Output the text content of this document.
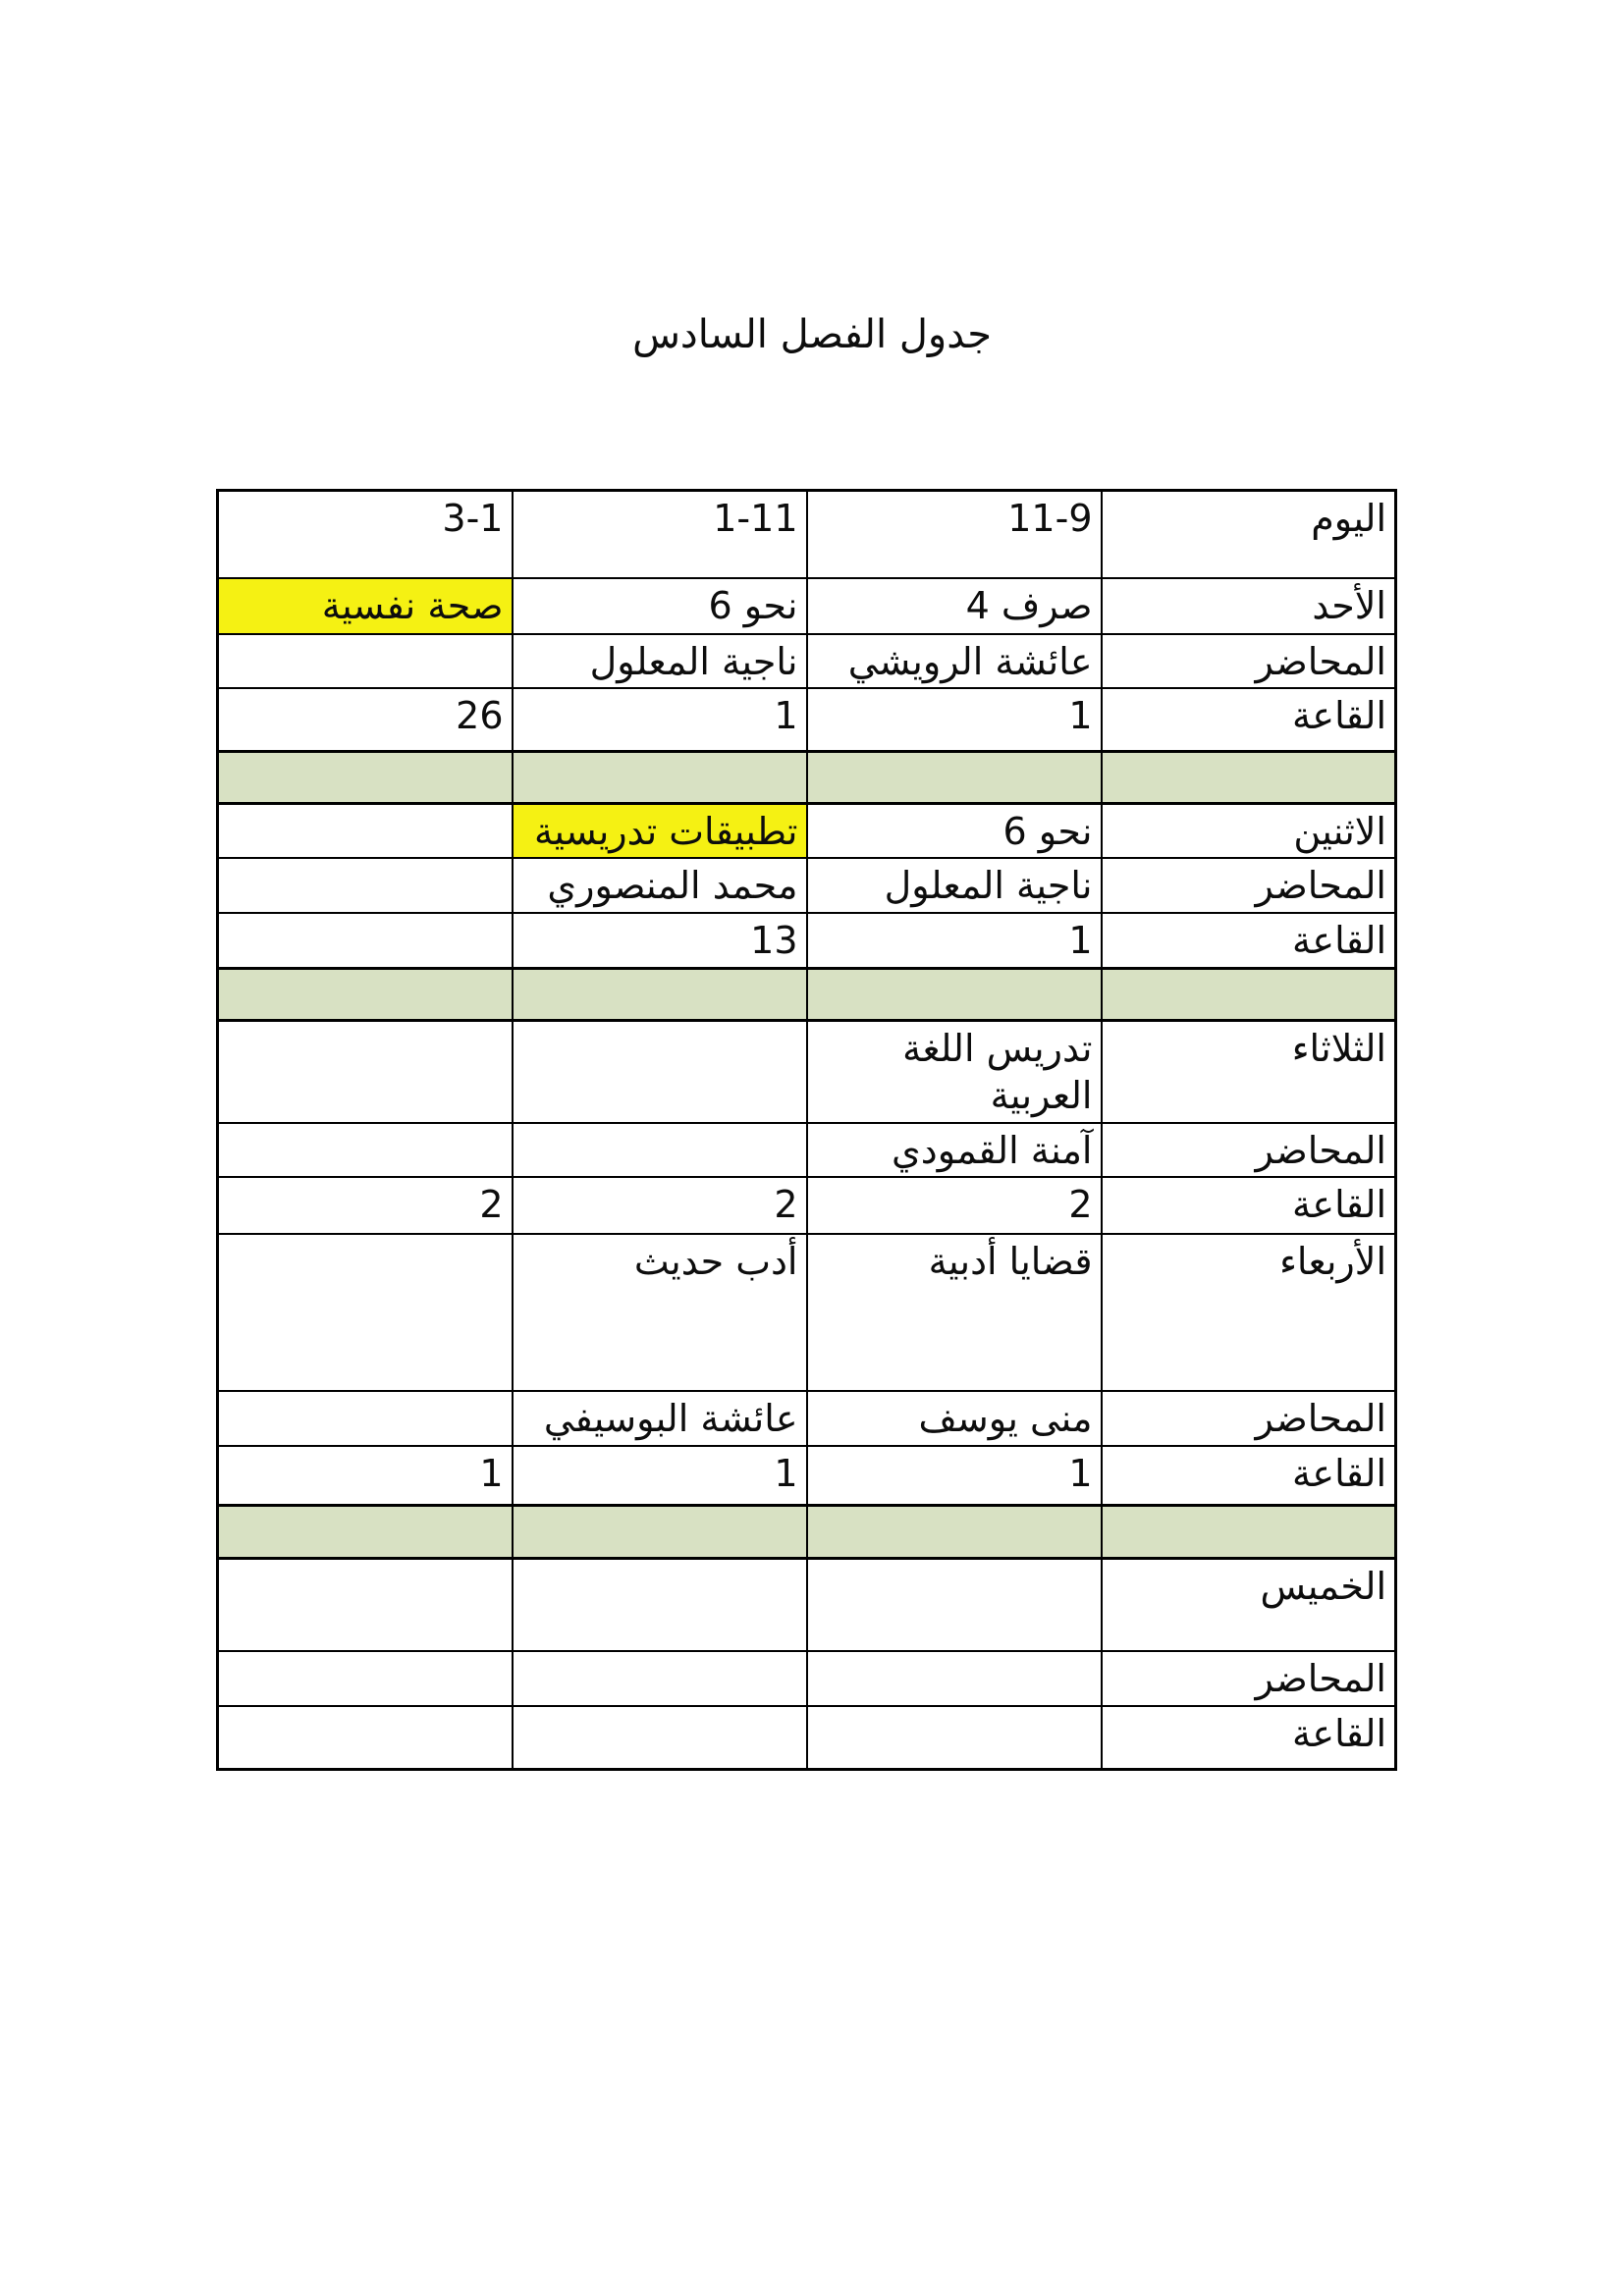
جدول الفصل السادس
اليوم	11-9	1-11	3-1
الأحد	صرف 4	نحو 6	صحة نفسية
المحاضر	عائشة الرويشي	ناجية المعلول	
القاعة	1	1	26

الاثنين	نحو 6	تطبيقات تدريسية	
المحاضر	ناجية المعلول	محمد المنصوري	
القاعة	1	13	

الثلاثاء	تدريس اللغة العربية		
المحاضر	آمنة القمودي		
القاعة	2	2	2
الأربعاء	قضايا أدبية	أدب حديث	
المحاضر	منى يوسف	عائشة البوسيفي	
القاعة	1	1	1

الخميس			
المحاضر			
القاعة			
